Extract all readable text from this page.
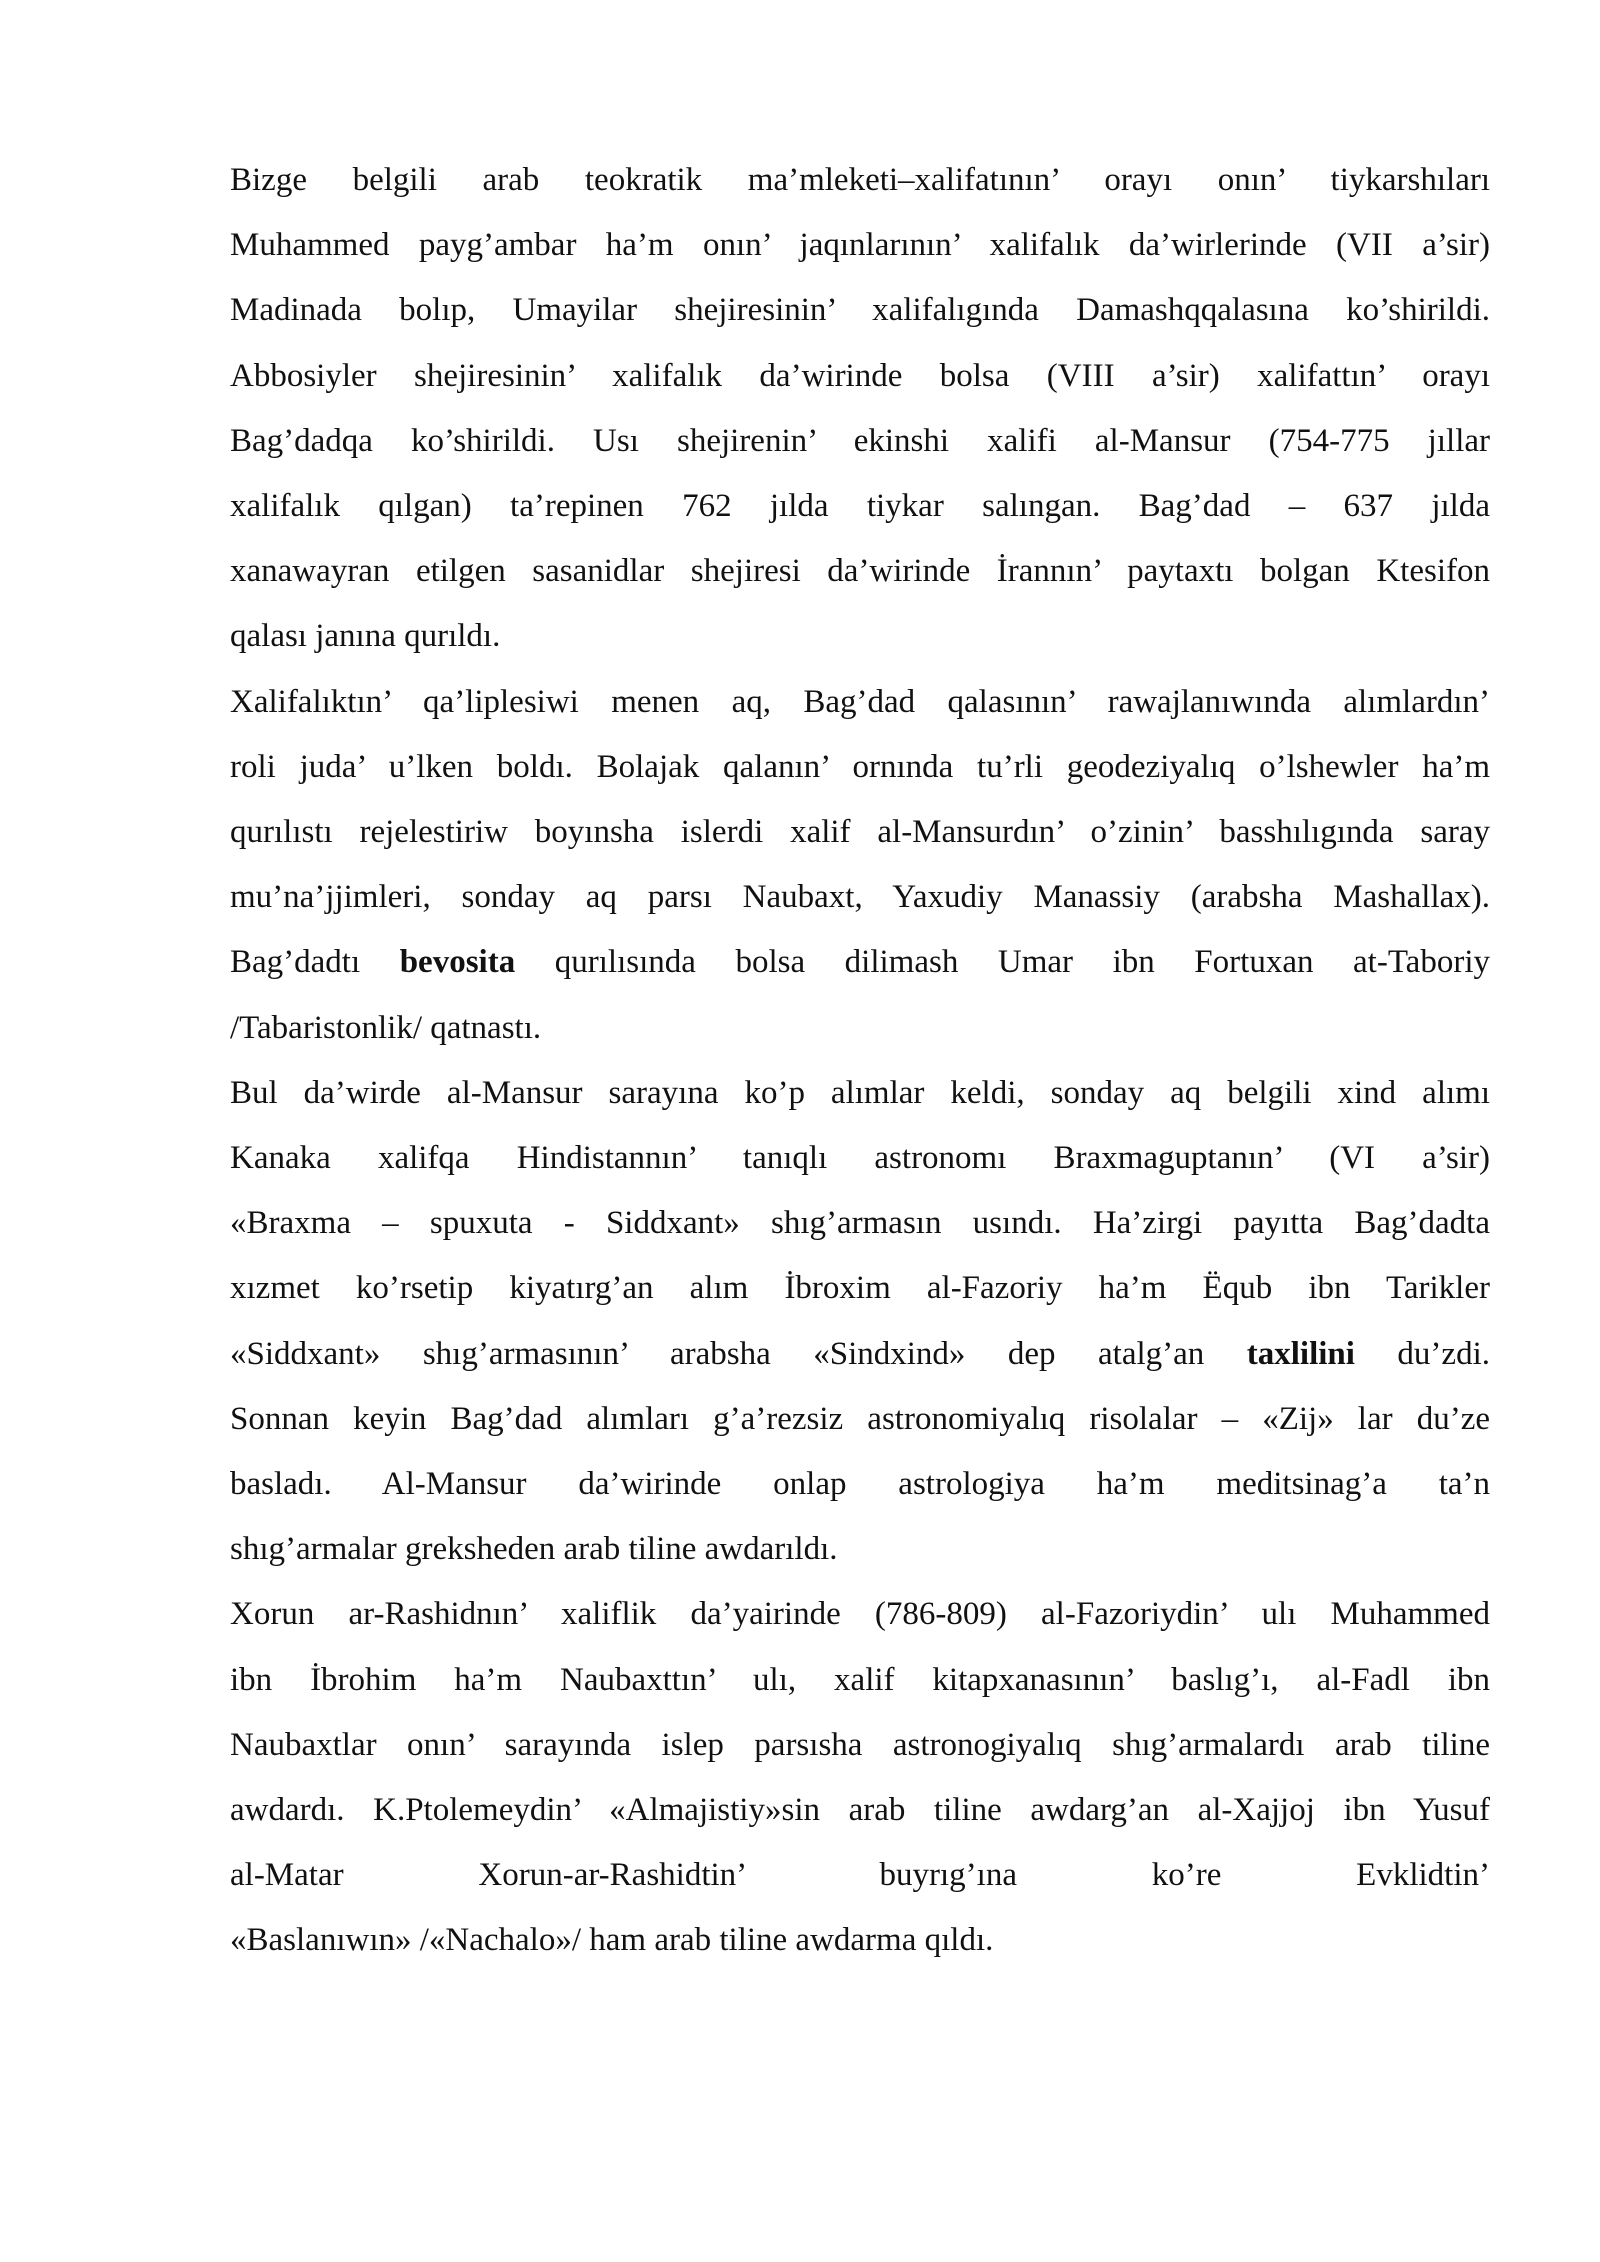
Bizge belgili arab teokratik ma’mleketi–xalifatının’ orayı onın’ tiykarshıları
Muhammed payg’ambar ha’m onın’ jaqınlarının’ xalifalık da’wirlerinde (VII a’sir)
Madinada bolıp, Umayilar shejiresinin’ xalifalıgında Damashqqalasına ko’shirildi.
Abbosiyler shejiresinin’ xalifalık da’wirinde bolsa (VIII a’sir) xalifattın’ orayı
Bag’dadqa ko’shirildi. Usı shejirenin’ ekinshi xalifi al-Mansur (754-775 jıllar
xalifalık qılgan) ta’repinen 762 jılda tiykar salıngan. Bag’dad – 637 jılda
xanawayran etilgen sasanidlar shejiresi da’wirinde İrannın’ paytaxtı bolgan Ktesifon
qalası janına qurıldı.
Xalifalıktın’ qa’liplesiwi menen aq, Bag’dad qalasının’ rawajlanıwında alımlardın’
roli juda’ u’lken boldı. Bolajak qalanın’ ornında tu’rli geodeziyalıq o’lshewler ha’m
qurılıstı rejelestiriw boyınsha islerdi xalif al-Mansurdın’ o’zinin’ basshılıgında saray
mu’na’jjimleri, sonday aq parsı Naubaxt, Yaxudiy Manassiy (arabsha Mashallax).
Bag’dadtı bevosita qurılısında bolsa dilimash Umar ibn Fortuxan at-Taboriy
/Tabaristonlik/ qatnastı.
Bul da’wirde al-Mansur sarayına ko’p alımlar keldi, sonday aq belgili xind alımı
Kanaka xalifqa Hindistannın’ tanıqlı astronomı Braxmaguptanın’ (VI a’sir)
«Braxma – spuxuta - Siddxant» shıg’armasın usındı. Ha’zirgi payıtta Bag’dadta
xızmet ko’rsetip kiyatırg’an alım İbroxim al-Fazoriy ha’m Ëqub ibn Tarikler
«Siddxant» shıg’armasının’ arabsha «Sindxind» dep atalg’an taxlilini du’zdi.
Sonnan keyin Bag’dad alımları g’a’rezsiz astronomiyalıq risolalar – «Zij» lar du’ze
basladı. Al-Mansur da’wirinde onlap astrologiya ha’m meditsinag’a ta’n
shıg’armalar greksheden arab tiline awdarıldı.
Xorun ar-Rashidnın’ xaliflik da’yairinde (786-809) al-Fazoriydin’ ulı Muhammed
ibn İbrohim ha’m Naubaxttın’ ulı, xalif kitapxanasının’ baslıg’ı, al-Fadl ibn
Naubaxtlar onın’ sarayında islep parsısha astronogiyalıq shıg’armalardı arab tiline
awdardı. K.Ptolemeydin’ «Almajistiy»sin arab tiline awdarg’an al-Xajjoj ibn Yusuf
al-Matar Xorun-ar-Rashidtin’ buyrıg’ına ko’re Evklidtin’
«Baslanıwın» /«Nachalo»/ ham arab tiline awdarma qıldı.
